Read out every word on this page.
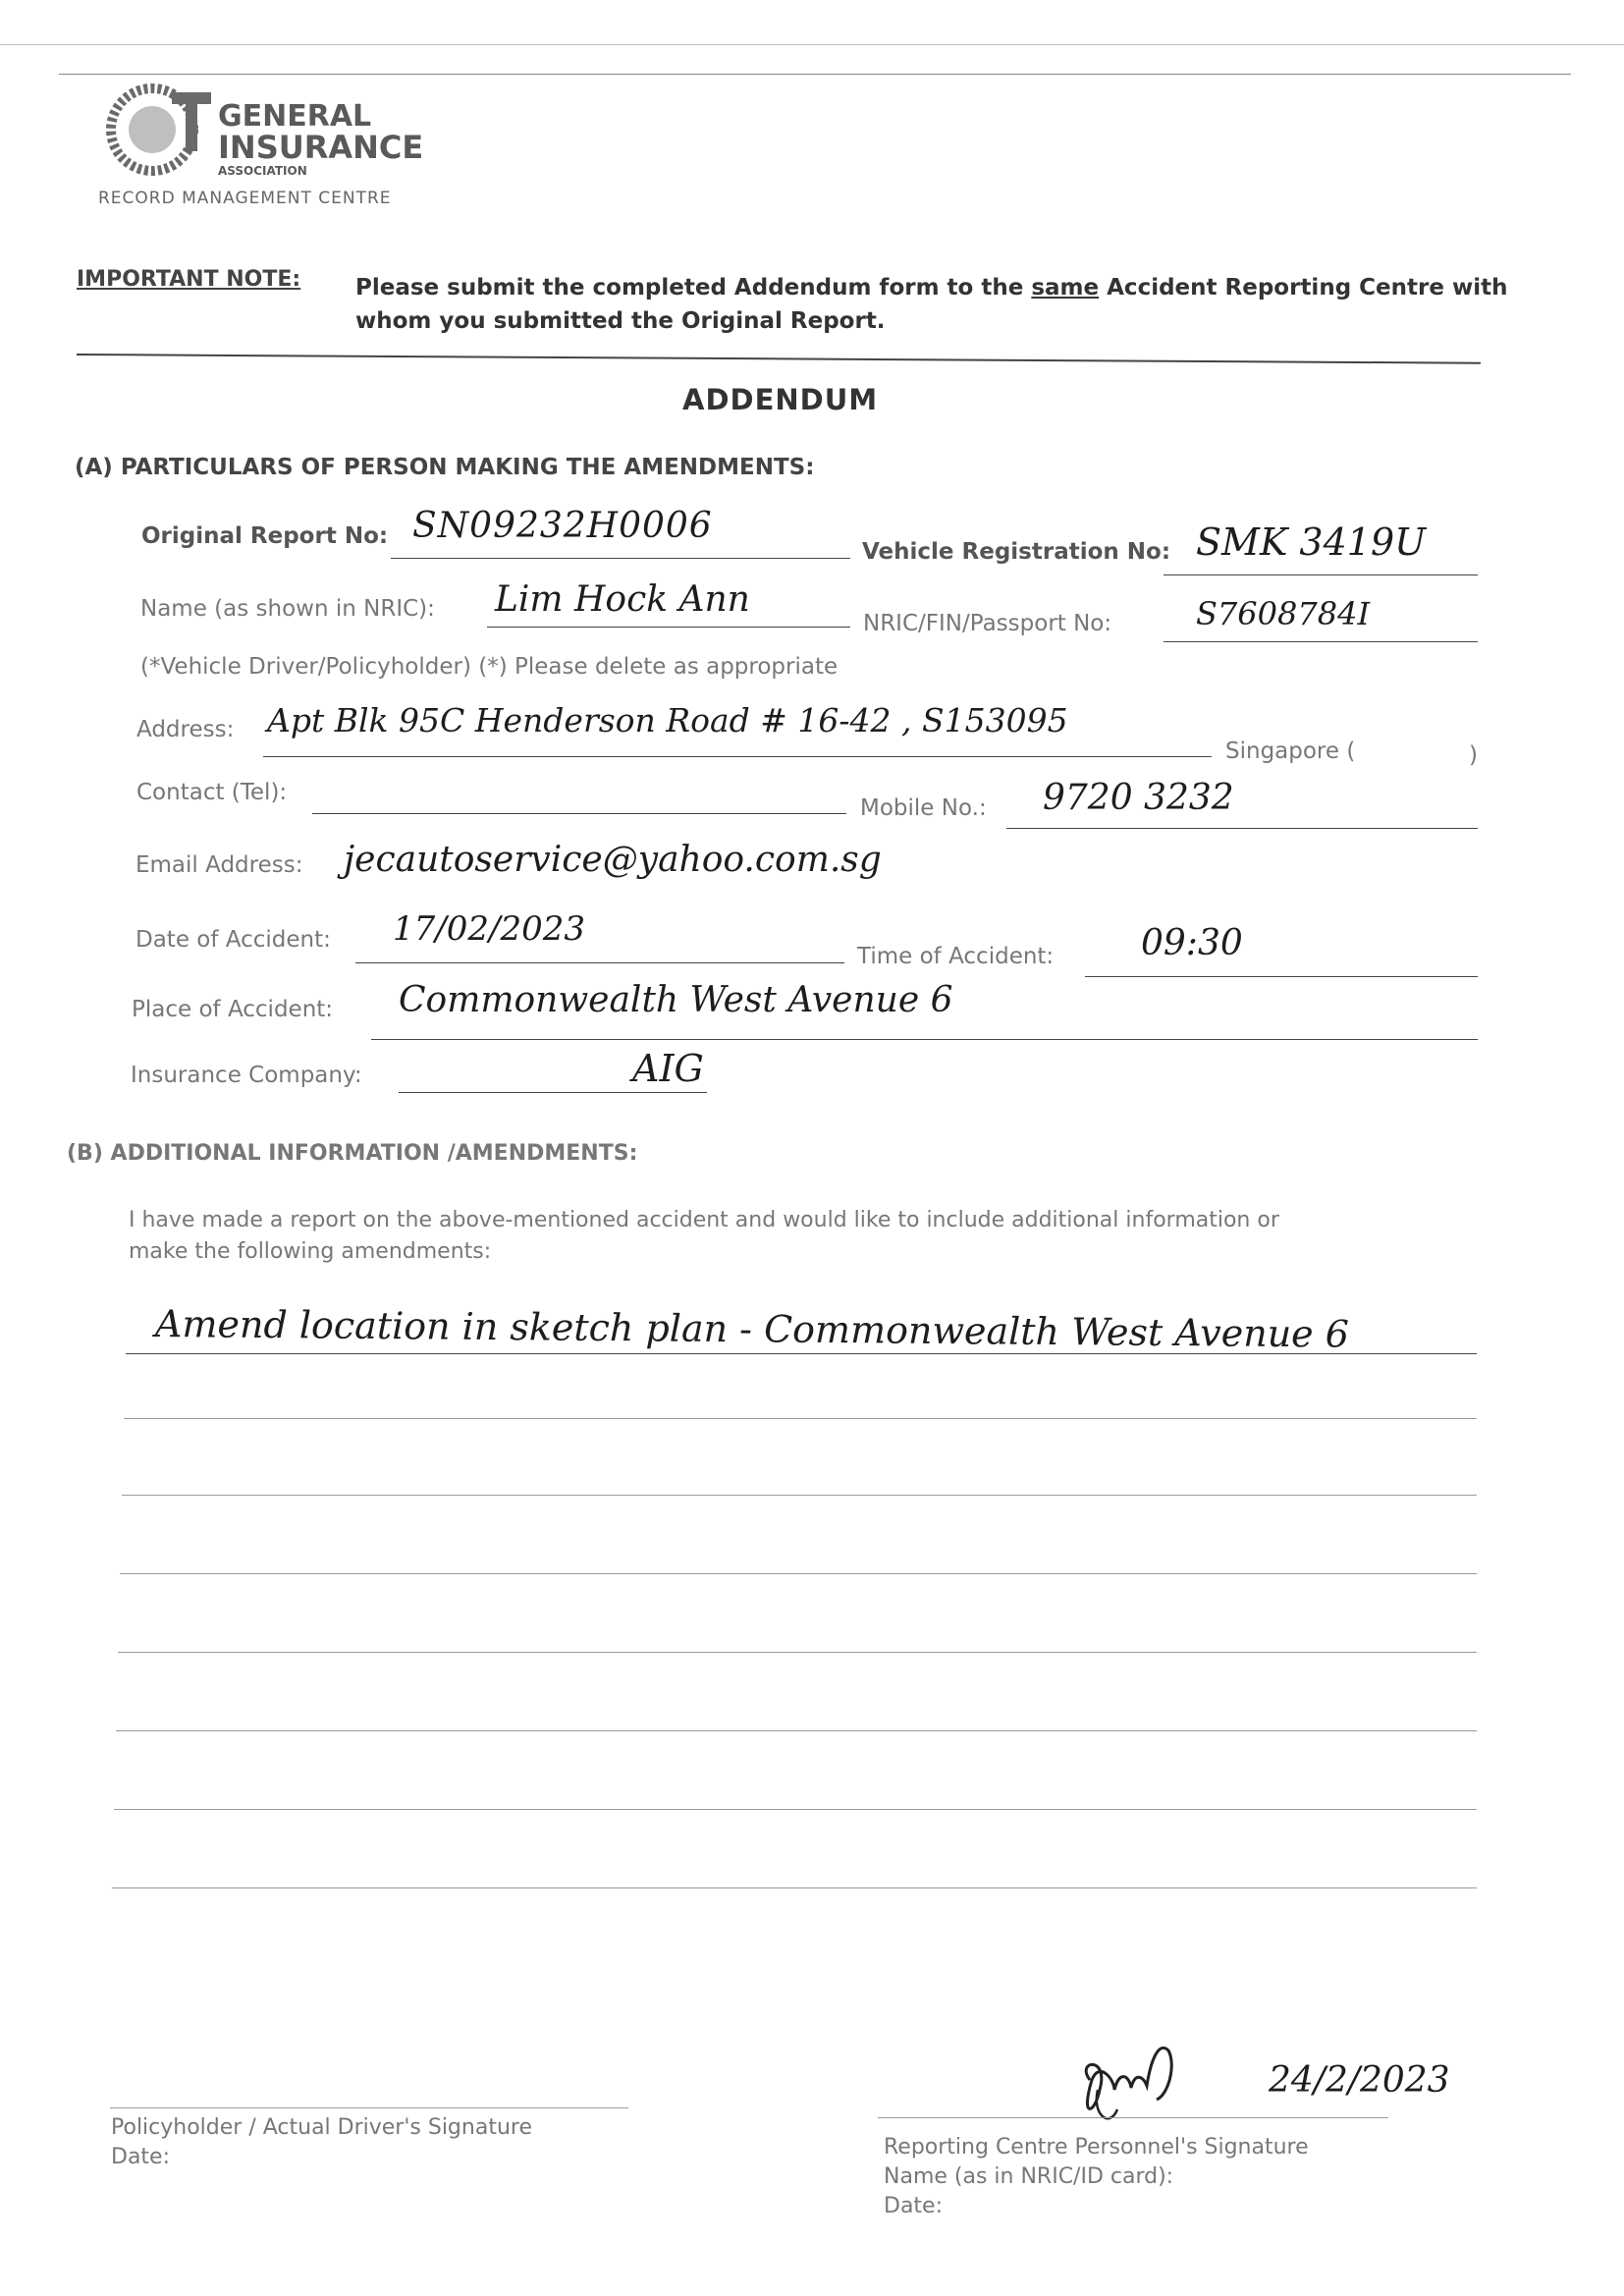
GENERAL
INSURANCE
ASSOCIATION
RECORD MANAGEMENT CENTRE
IMPORTANT NOTE: Please submit the completed Addendum form to the same Accident Reporting Centre with
whom you submitted the Original Report.
ADDENDUM
(A) PARTICULARS OF PERSON MAKING THE AMENDMENTS:
Original Report No: SN09232H0006
Vehicle Registration No: SMK 3419U
Name (as shown in NRIC): Lim Hock Ann
NRIC/FIN/Passport No:	S7608784I
(*Vehicle Driver/Policyholder) (*) Please delete as appropriate
Address: Apt Blk 95C Henderson Road # 16-42 , S153095
Singapore (	)
Contact (Tel):
Mobile No.: 9720 3232
Email Address: jecautoservice@yahoo.com.sg
Date of Accident: 17/02/2023
Time of Accident: 09:30
Place of Accident: Commonwealth West Avenue 6
Insurance Company:	AIG
(B) ADDITIONAL INFORMATION /AMENDMENTS:
I have made a report on the above-mentioned accident and would like to include additional information or
make the following amendments:
Amend location in sketch plan - Commonwealth West Avenue 6
Policyholder / Actual Driver's Signature
Date:
24/2/2023
Reporting Centre Personnel's Signature
Name (as in NRIC/ID card):
Date:
